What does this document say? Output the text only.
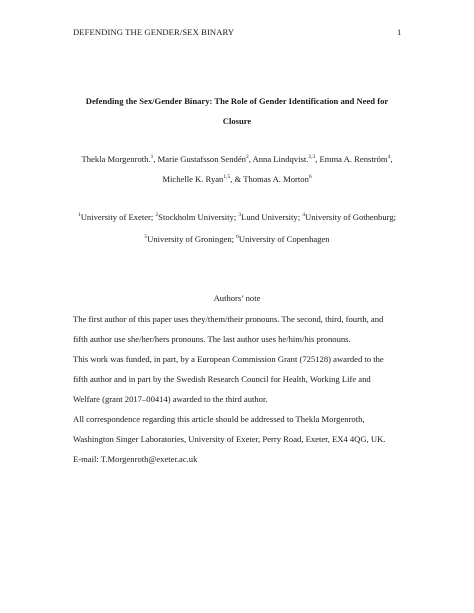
DEFENDING THE GENDER/SEX BINARY	1
Defending the Sex/Gender Binary: The Role of Gender Identification and Need for
Closure
Thekla Morgenroth.$^1$, Marie Gustafsson Sendén$^2$, Anna Lindqvist.$^{2,3}$, Emma A. Renström$^4$,
Michelle K. Ryan$^{1,5}$, & Thomas A. Morton$^6$
$^1$University of Exeter; $^2$Stockholm University; $^3$Lund University; $^4$University of Gothenburg;
$^5$University of Groningen; $^6$University of Copenhagen
Authors’ note
The first author of this paper uses they/them/their pronouns. The second, third, fourth, and
fifth author use she/her/hers pronouns. The last author uses he/him/his pronouns.
This work was funded, in part, by a European Commission Grant (725128) awarded to the
fifth author and in part by the Swedish Research Council for Health, Working Life and
Welfare (grant 2017–00414) awarded to the third author.
All correspondence regarding this article should be addressed to Thekla Morgenroth,
Washington Singer Laboratories, University of Exeter, Perry Road, Exeter, EX4 4QG, UK.
E-mail: T.Morgenroth@exeter.ac.uk
